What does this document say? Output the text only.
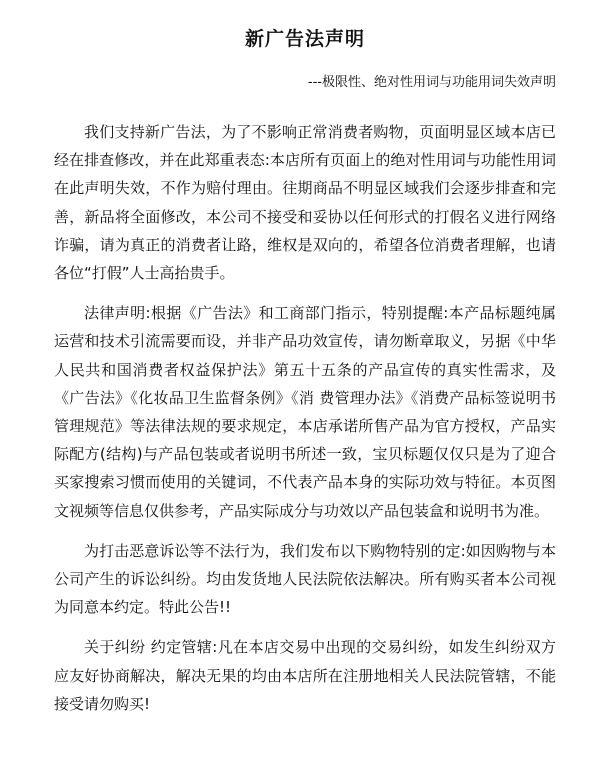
新广告法声明
---极限性、绝对性用词与功能用词失效声明

我们支持新广告法，为了不影响正常消费者购物，页面明显区域本店已经在排查修改，并在此郑重表态:本店所有页面上的绝对性用词与功能性用词在此声明失效，不作为赔付理由。往期商品不明显区域我们会逐步排查和完善，新品将全面修改，本公司不接受和妥协以任何形式的打假名义进行网络诈骗，请为真正的消费者让路，维权是双向的，希望各位消费者理解，也请各位“打假”人士高抬贵手。

法律声明:根据《广告法》和工商部门指示，特别提醒:本产品标题纯属运营和技术引流需要而设，并非产品功效宣传，请勿断章取义，另据《中华人民共和国消费者权益保护法》第五十五条的产品宣传的真实性需求，及《广告法》《化妆品卫生监督条例》《消 费管理办法》《消费产品标签说明书管理规范》等法律法规的要求规定，本店承诺所售产品为官方授权，产品实际配方(结构)与产品包装或者说明书所述一致，宝贝标题仅仅只是为了迎合买家搜索习惯而使用的关键词，不代表产品本身的实际功效与特征。本页图文视频等信息仅供参考，产品实际成分与功效以产品包装盒和说明书为准。

为打击恶意诉讼等不法行为，我们发布以下购物特别的定:如因购物与本公司产生的诉讼纠纷。均由发货地人民法院依法解决。所有购买者本公司视为同意本约定。特此公告!!

关于纠纷 约定管辖:凡在本店交易中出现的交易纠纷，如发生纠纷双方应友好协商解决，解决无果的均由本店所在注册地相关人民法院管辖，不能接受请勿购买!
